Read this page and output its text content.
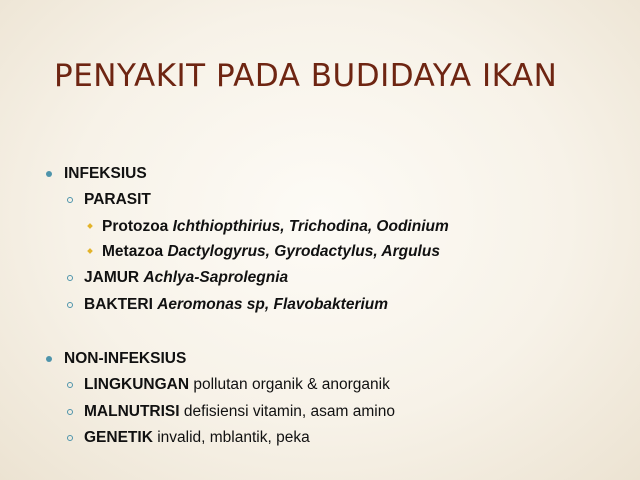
PENYAKIT PADA BUDIDAYA IKAN
INFEKSIUS
PARASIT
Protozoa Ichthiopthirius, Trichodina, Oodinium
Metazoa Dactylogyrus, Gyrodactylus, Argulus
JAMUR Achlya-Saprolegnia
BAKTERI Aeromonas sp, Flavobakterium
NON-INFEKSIUS
LINGKUNGAN pollutan organik & anorganik
MALNUTRISI defisiensi vitamin, asam amino
GENETIK invalid, mblantik, peka
